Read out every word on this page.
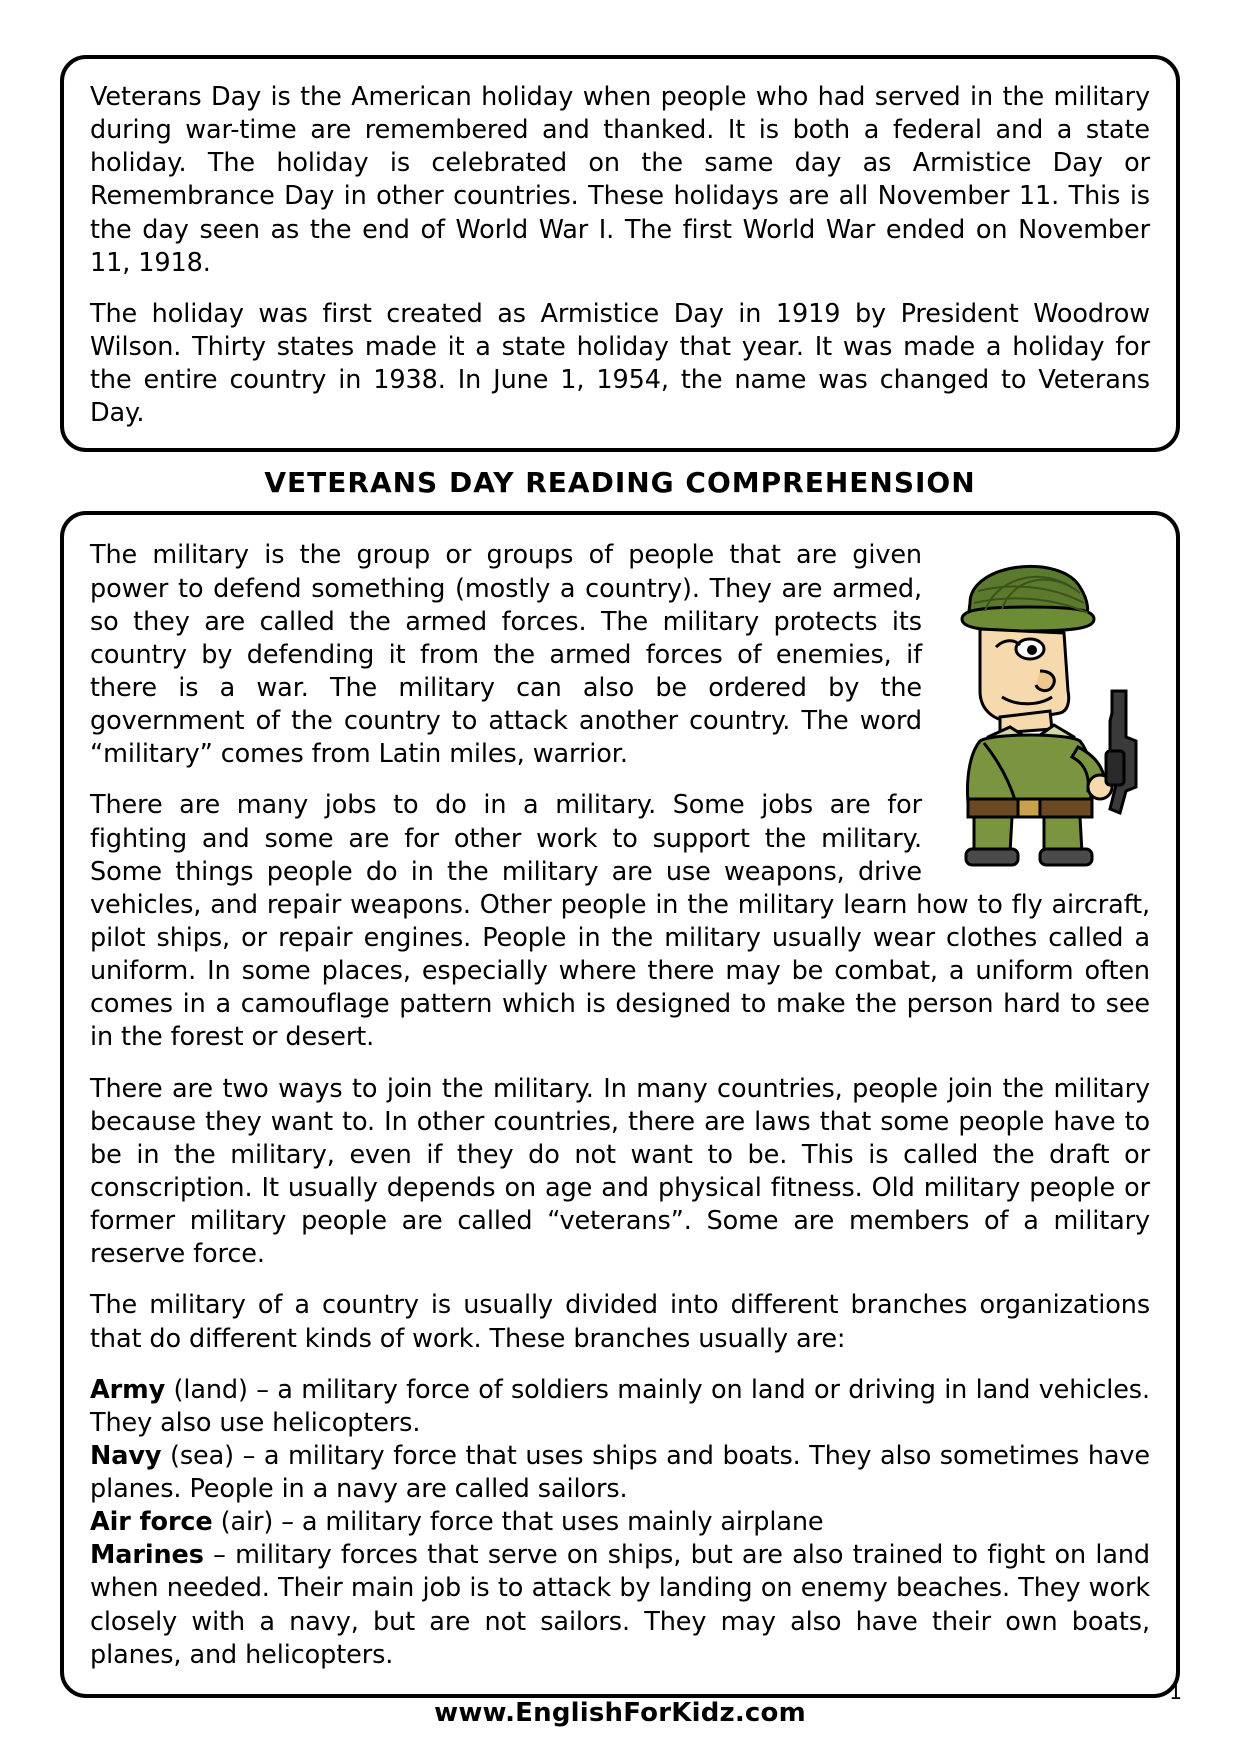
Veterans Day is the American holiday when people who had served in the military during war-time are remembered and thanked. It is both a federal and a state holiday. The holiday is celebrated on the same day as Armistice Day or Remembrance Day in other countries. These holidays are all November 11. This is the day seen as the end of World War I. The first World War ended on November 11, 1918.

The holiday was first created as Armistice Day in 1919 by President Woodrow Wilson. Thirty states made it a state holiday that year. It was made a holiday for the entire country in 1938. In June 1, 1954, the name was changed to Veterans Day.

VETERANS DAY READING COMPREHENSION

The military is the group or groups of people that are given power to defend something (mostly a country). They are armed, so they are called the armed forces. The military protects its country by defending it from the armed forces of enemies, if there is a war. The military can also be ordered by the government of the country to attack another country. The word “military” comes from Latin miles, warrior.

There are many jobs to do in a military. Some jobs are for fighting and some are for other work to support the military. Some things people do in the military are use weapons, drive vehicles, and repair weapons. Other people in the military learn how to fly aircraft, pilot ships, or repair engines. People in the military usually wear clothes called a uniform. In some places, especially where there may be combat, a uniform often comes in a camouflage pattern which is designed to make the person hard to see in the forest or desert.

There are two ways to join the military. In many countries, people join the military because they want to. In other countries, there are laws that some people have to be in the military, even if they do not want to be. This is called the draft or conscription. It usually depends on age and physical fitness. Old military people or former military people are called “veterans”. Some are members of a military reserve force.

The military of a country is usually divided into different branches organizations that do different kinds of work. These branches usually are:

Army (land) – a military force of soldiers mainly on land or driving in land vehicles. They also use helicopters.

Navy (sea) – a military force that uses ships and boats. They also sometimes have planes. People in a navy are called sailors.

Air force (air) – a military force that uses mainly airplane

Marines – military forces that serve on ships, but are also trained to fight on land when needed. Their main job is to attack by landing on enemy beaches. They work closely with a navy, but are not sailors. They may also have their own boats, planes, and helicopters.

www.EnglishForKidz.com
1
